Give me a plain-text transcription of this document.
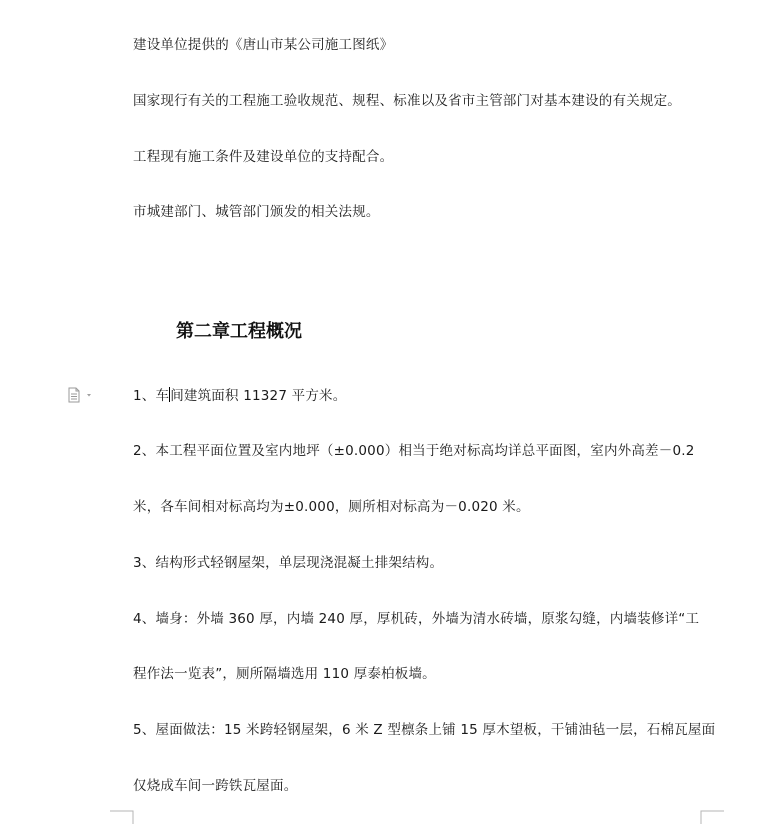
建设单位提供的《唐山市某公司施工图纸》
国家现行有关的工程施工验收规范、规程、标准以及省市主管部门对基本建设的有关规定。
工程现有施工条件及建设单位的支持配合。
市城建部门、城管部门颁发的相关法规。
第二章工程概况
1、车间建筑面积 11327 平方米。
2、本工程平面位置及室内地坪（±0.000）相当于绝对标高均详总平面图，室内外高差－0.2
米，各车间相对标高均为±0.000，厕所相对标高为－0.020 米。
3、结构形式轻钢屋架，单层现浇混凝土排架结构。
4、墙身：外墙 360 厚，内墙 240 厚，厚机砖，外墙为清水砖墙，原浆勾缝，内墙装修详“工
程作法一览表”，厕所隔墙选用 110 厚泰柏板墙。
5、屋面做法：15 米跨轻钢屋架，6 米 Z 型檩条上铺 15 厚木望板，干铺油毡一层，石棉瓦屋面
仅烧成车间一跨铁瓦屋面。
